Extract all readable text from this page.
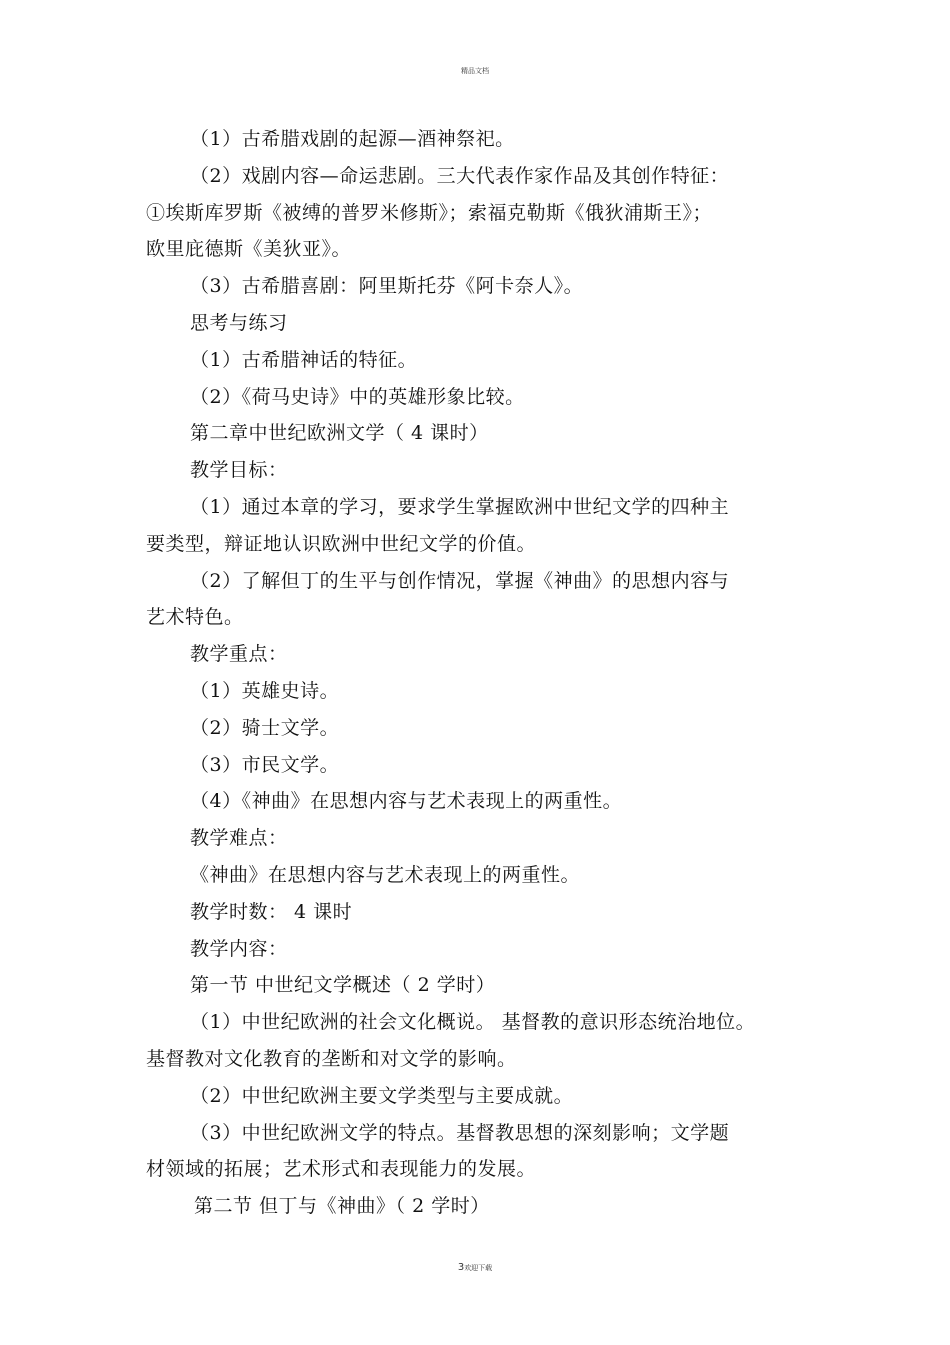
精品文档
（1）古希腊戏剧的起源—酒神祭祀。
（2）戏剧内容—命运悲剧。三大代表作家作品及其创作特征：
①埃斯库罗斯《被缚的普罗米修斯》；索福克勒斯《俄狄浦斯王》；
欧里庇德斯《美狄亚》。
（3）古希腊喜剧：阿里斯托芬《阿卡奈人》。
思考与练习
（1）古希腊神话的特征。
（2）《荷马史诗》中的英雄形象比较。
第二章中世纪欧洲文学（ 4 课时）
教学目标：
（1）通过本章的学习，要求学生掌握欧洲中世纪文学的四种主
要类型，辩证地认识欧洲中世纪文学的价值。
（2）了解但丁的生平与创作情况，掌握《神曲》的思想内容与
艺术特色。
教学重点：
（1）英雄史诗。
（2）骑士文学。
（3）市民文学。
（4）《神曲》在思想内容与艺术表现上的两重性。
教学难点：
《神曲》在思想内容与艺术表现上的两重性。
教学时数： 4 课时
教学内容：
第一节 中世纪文学概述（ 2 学时）
（1）中世纪欧洲的社会文化概说。 基督教的意识形态统治地位。
基督教对文化教育的垄断和对文学的影响。
（2）中世纪欧洲主要文学类型与主要成就。
（3）中世纪欧洲文学的特点。基督教思想的深刻影响；文学题
材领域的拓展；艺术形式和表现能力的发展。
第二节 但丁与《神曲》（ 2 学时）
3欢迎下载
